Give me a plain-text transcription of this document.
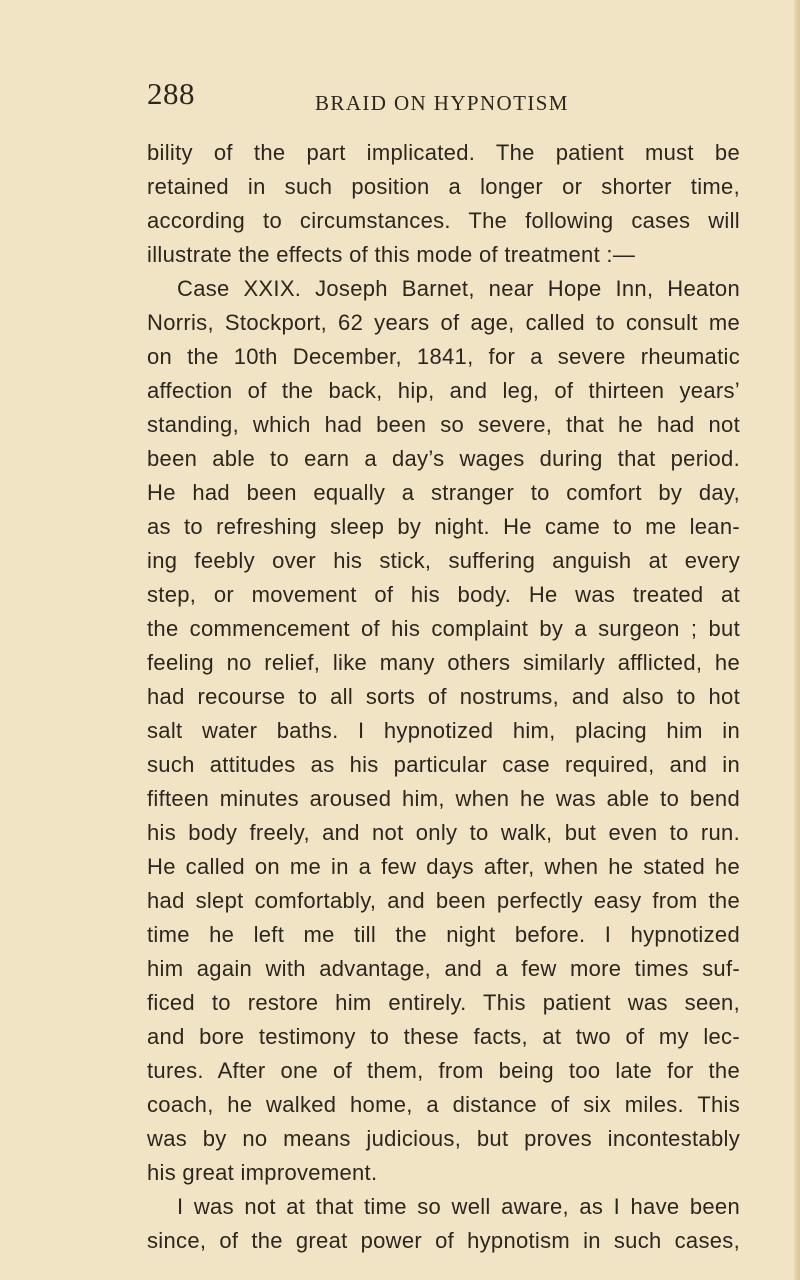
288	BRAID ON HYPNOTISM
bility of the part implicated. The patient must be
retained in such position a longer or shorter time,
according to circumstances. The following cases will
illustrate the effects of this mode of treatment :—
Case XXIX. Joseph Barnet, near Hope Inn, Heaton
Norris, Stockport, 62 years of age, called to consult me
on the 10th December, 1841, for a severe rheumatic
affection of the back, hip, and leg, of thirteen years’
standing, which had been so severe, that he had not
been able to earn a day’s wages during that period.
He had been equally a stranger to comfort by day,
as to refreshing sleep by night. He came to me lean-
ing feebly over his stick, suffering anguish at every
step, or movement of his body. He was treated at
the commencement of his complaint by a surgeon ; but
feeling no relief, like many others similarly afflicted, he
had recourse to all sorts of nostrums, and also to hot
salt water baths. I hypnotized him, placing him in
such attitudes as his particular case required, and in
fifteen minutes aroused him, when he was able to bend
his body freely, and not only to walk, but even to run.
He called on me in a few days after, when he stated he
had slept comfortably, and been perfectly easy from the
time he left me till the night before. I hypnotized
him again with advantage, and a few more times suf-
ficed to restore him entirely. This patient was seen,
and bore testimony to these facts, at two of my lec-
tures. After one of them, from being too late for the
coach, he walked home, a distance of six miles. This
was by no means judicious, but proves incontestably
his great improvement.
I was not at that time so well aware, as I have been
since, of the great power of hypnotism in such cases,
